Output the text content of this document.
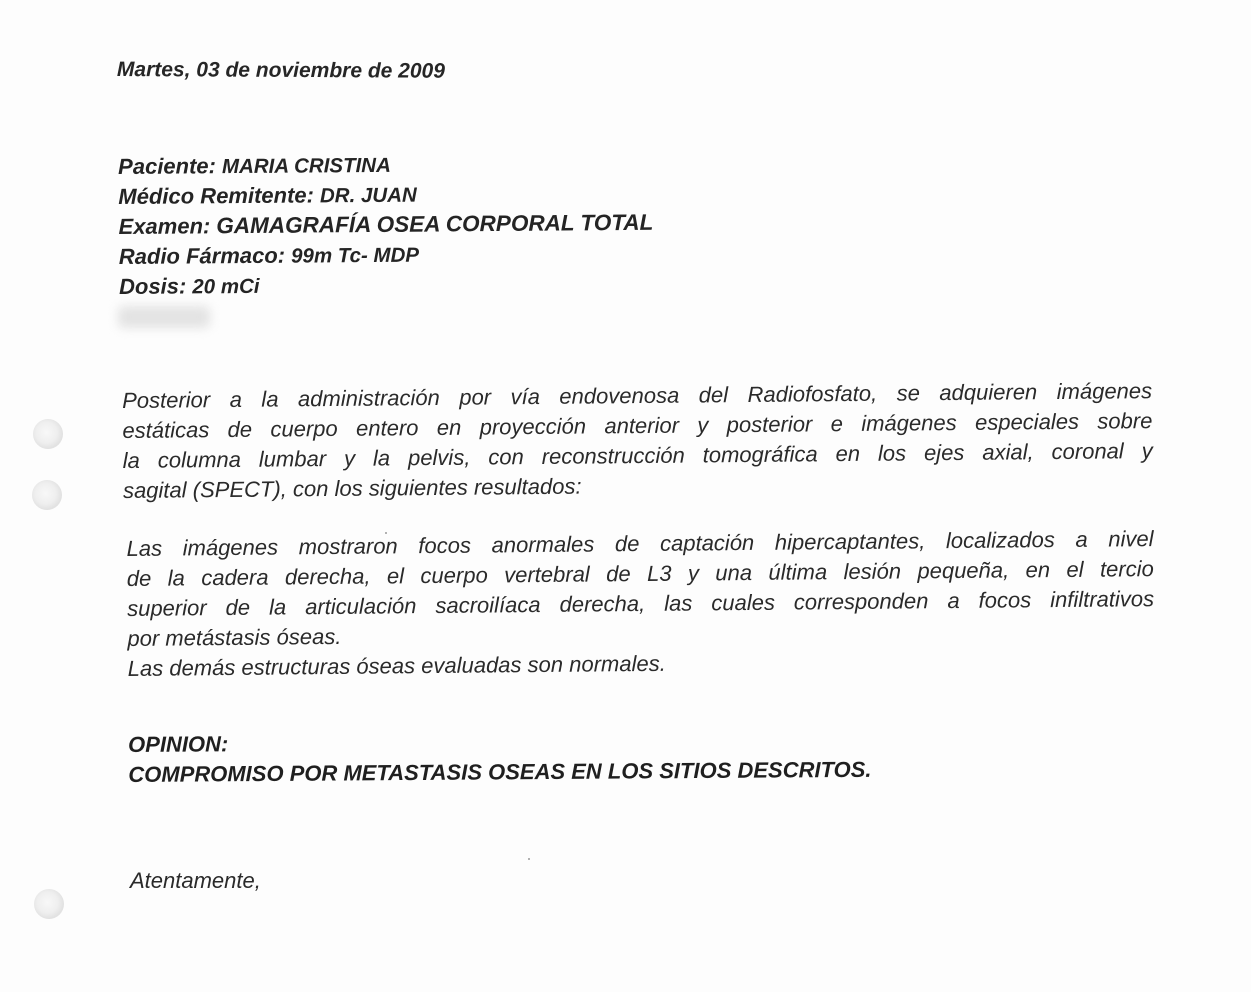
Martes, 03 de noviembre de 2009

Paciente: MARIA CRISTINA
Médico Remitente: DR. JUAN
Examen: GAMAGRAFÍA OSEA CORPORAL TOTAL
Radio Fármaco: 99m Tc- MDP
Dosis: 20 mCi

Posterior a la administración por vía endovenosa del Radiofosfato, se adquieren imágenes
estáticas de cuerpo entero en proyección anterior y posterior e imágenes especiales sobre
la columna lumbar y la pelvis, con reconstrucción tomográfica en los ejes axial, coronal y
sagital (SPECT), con los siguientes resultados:

Las imágenes mostraron focos anormales de captación hipercaptantes, localizados a nivel
de la cadera derecha, el cuerpo vertebral de L3 y una última lesión pequeña, en el tercio
superior de la articulación sacroilíaca derecha, las cuales corresponden a focos infiltrativos
por metástasis óseas.

Las demás estructuras óseas evaluadas son normales.

OPINION:
COMPROMISO POR METASTASIS OSEAS EN LOS SITIOS DESCRITOS.
Atentamente,
